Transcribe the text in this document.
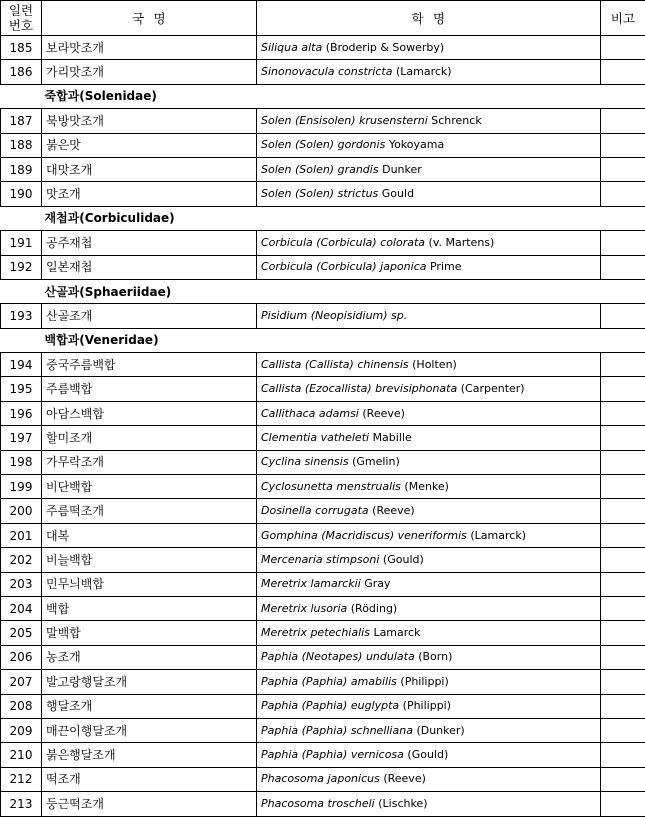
일련
번호	국  명	학  명	비고
185	보라맛조개	Siliqua alta (Broderip & Sowerby)	
186	가리맛조개	Sinonovacula constricta (Lamarck)	
죽합과(Solenidae)			
187	북방맛조개	Solen (Ensisolen) krusensterni Schrenck	
188	붉은맛	Solen (Solen) gordonis Yokoyama	
189	대맛조개	Solen (Solen) grandis Dunker	
190	맛조개	Solen (Solen) strictus Gould	
재첩과(Corbiculidae)			
191	공주재첩	Corbicula (Corbicula) colorata (v. Martens)	
192	일본재첩	Corbicula (Corbicula) japonica Prime	
산골과(Sphaeriidae)			
193	산골조개	Pisidium (Neopisidium) sp.	
백합과(Veneridae)			
194	중국주름백합	Callista (Callista) chinensis (Holten)	
195	주름백합	Callista (Ezocallista) brevisiphonata (Carpenter)	
196	아담스백합	Callithaca adamsi (Reeve)	
197	할미조개	Clementia vatheleti Mabille	
198	가무락조개	Cyclina sinensis (Gmelin)	
199	비단백합	Cyclosunetta menstrualis (Menke)	
200	주름떡조개	Dosinella corrugata (Reeve)	
201	대복	Gomphina (Macridiscus) veneriformis (Lamarck)	
202	비늘백합	Mercenaria stimpsoni (Gould)	
203	민무늬백합	Meretrix lamarckii Gray	
204	백합	Meretrix lusoria (Röding)	
205	말백합	Meretrix petechialis Lamarck	
206	농조개	Paphia (Neotapes) undulata (Born)	
207	발고랑행달조개	Paphia (Paphia) amabilis (Philippi)	
208	행달조개	Paphia (Paphia) euglypta (Philippi)	
209	매끈이행달조개	Paphia (Paphia) schnelliana (Dunker)	
210	붉은행달조개	Paphia (Paphia) vernicosa (Gould)	
212	떡조개	Phacosoma japonicus (Reeve)	
213	둥근떡조개	Phacosoma troscheli (Lischke)	
